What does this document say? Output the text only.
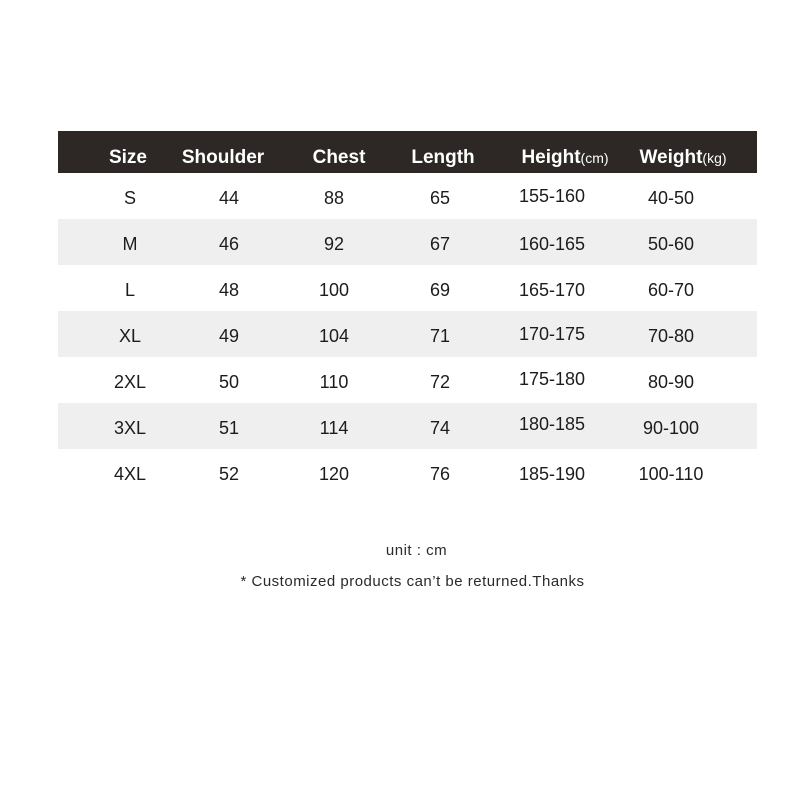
Size Shoulder	Chest Length Height(cm) Weight(kg)
S	44	88	65	155-160	40-50
M	46	92	67	160-165	50-60
L	48	100	69	165-170	60-70
XL	49	104	71	170-175	70-80
2XL	50	110	72	175-180	80-90
3XL	51	114	74	180-185	90-100
4XL	52	120	76	185-190	100-110
unit : cm
* Customized products can’t be returned.Thanks
